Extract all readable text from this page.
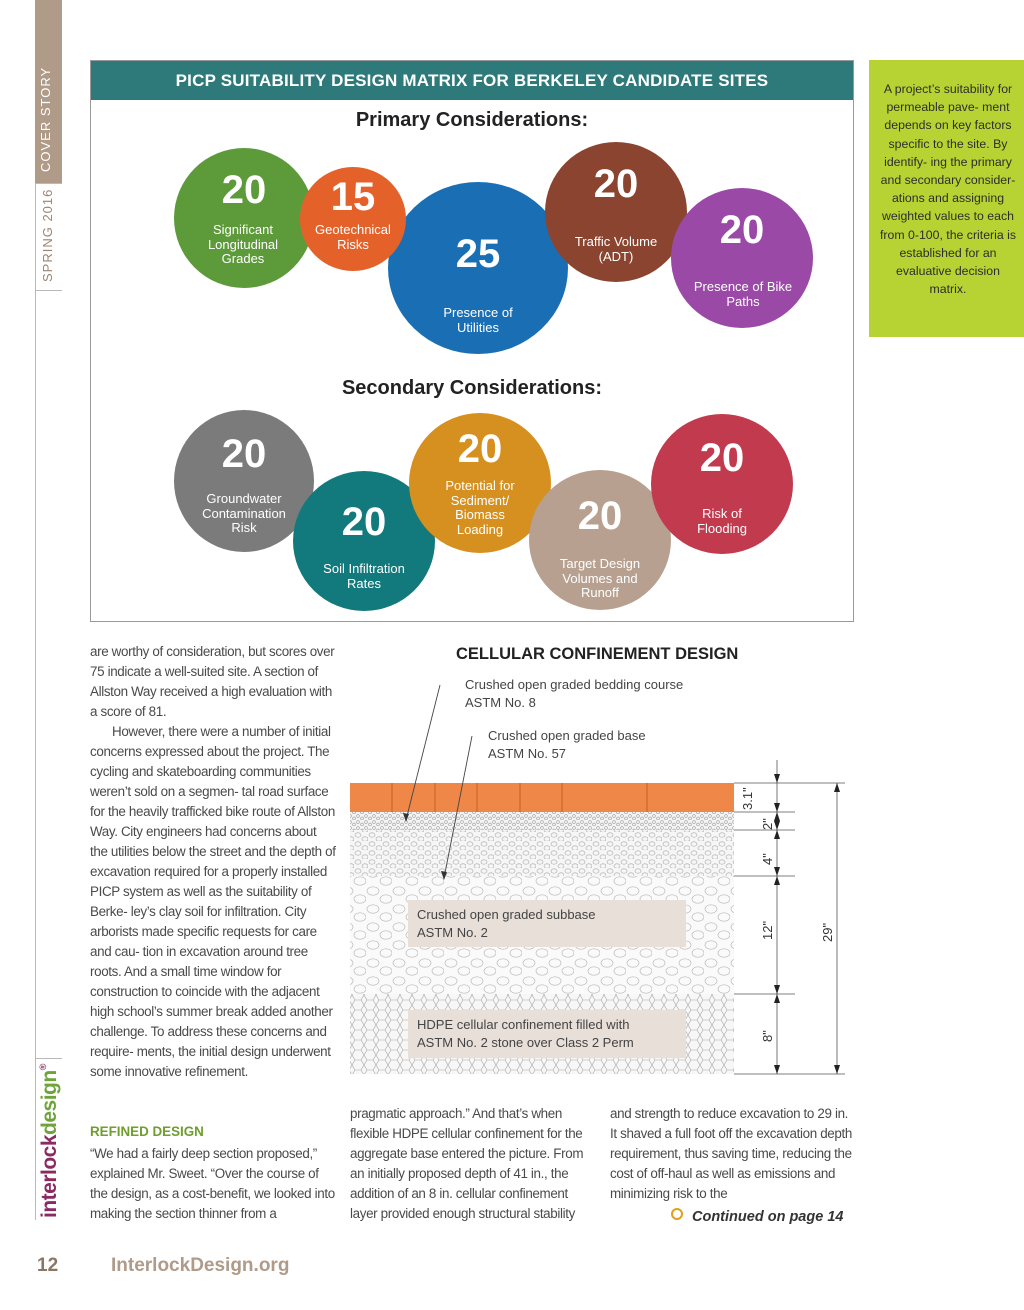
COVER STORY
SPRING 2016
interlockdesign®
PICP SUITABILITY DESIGN MATRIX FOR BERKELEY CANDIDATE SITES
Primary Considerations:
Secondary Considerations:
25
Presence of Utilities
20
Significant Longitudinal Grades
15
Geotechnical Risks
20
Traffic Volume (ADT)
20
Presence of Bike Paths
20
Groundwater Contamination Risk	20
Soil Infiltration Rates
20
Potential for Sediment/ Biomass Loading	20
Target Design Volumes and Runoff
20
Risk of Flooding
A project’s suitability for permeable pave- ment depends on key factors specific to the site. By identify- ing the primary and secondary consider- ations and assigning weighted values to each from 0-100, the criteria is established for an evaluative decision matrix.

are worthy of consideration, but scores over 75 indicate a well-suited site. A section of Allston Way received a high evaluation with a score of 81.

However, there were a number of initial concerns expressed about the project. The cycling and skateboarding communities weren’t sold on a segmen- tal road surface for the heavily trafficked bike route of Allston Way. City engineers had concerns about the utilities below the street and the depth of excavation required for a properly installed PICP system as well as the suitability of Berke- ley’s clay soil for infiltration. City arborists made specific requests for care and cau- tion in excavation around tree roots. And a small time window for construction to coincide with the adjacent high school’s summer break added another challenge. To address these concerns and require- ments, the initial design underwent some innovative refinement.

REFINED DESIGN

“We had a fairly deep section proposed,” explained Mr. Sweet. “Over the course of the design, as a cost-benefit, we looked into making the section thinner from a

pragmatic approach.” And that’s when flexible HDPE cellular confinement for the aggregate base entered the picture. From an initially proposed depth of 41 in., the addition of an 8 in. cellular confinement layer provided enough structural stability

and strength to reduce excavation to 29 in. It shaved a full foot off the excavation depth requirement, thus saving time, reducing the cost of off-haul as well as emissions and minimizing risk to the

CELLULAR CONFINEMENT DESIGN
Crushed open graded bedding course
ASTM No. 8
Crushed open graded base
ASTM No. 57
3.1"
2"
4"
12"
8"
29"
Crushed open graded subbase
ASTM No. 2
HDPE cellular confinement filled with
ASTM No. 2 stone over Class 2 Perm
Continued on page 14
12	InterlockDesign.org
